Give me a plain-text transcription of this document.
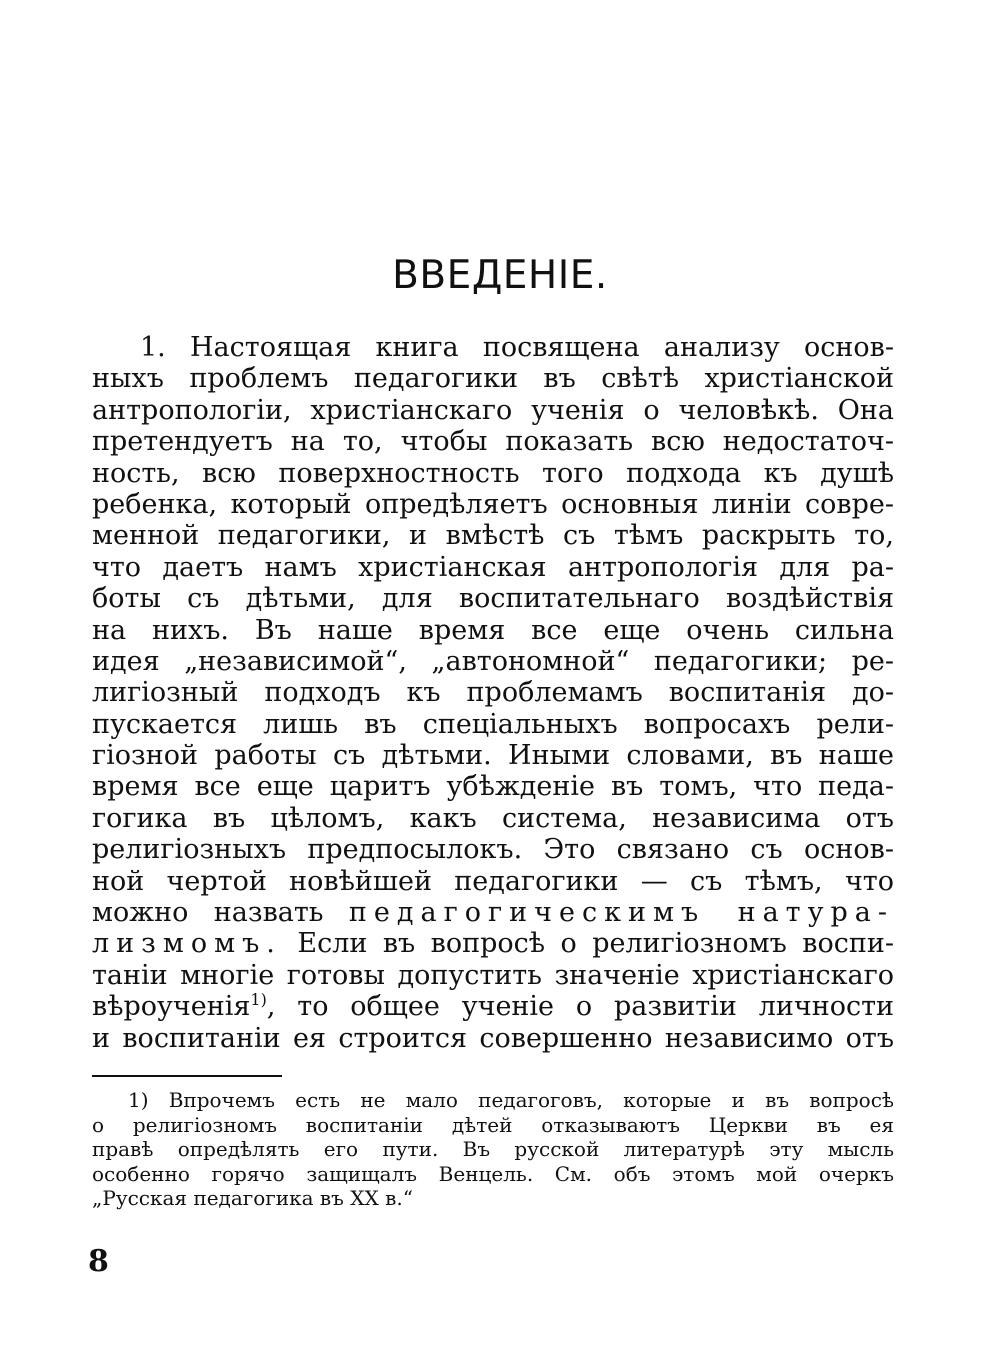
ВВЕДЕНІЕ.
1. Настоящая книга посвящена анализу основ-
ныхъ проблемъ педагогики въ свѣтѣ христіанской
антропологіи, христіанскаго ученія о человѣкѣ. Она
претендуетъ на то, чтобы показать всю недостаточ-
ность, всю поверхностность того подхода къ душѣ
ребенка, который опредѣляетъ основныя линіи совре-
менной педагогики, и вмѣстѣ съ тѣмъ раскрыть то,
что даетъ намъ христіанская антропологія для ра-
боты съ дѣтьми, для воспитательнаго воздѣйствія
на нихъ. Въ наше время все еще очень сильна
идея „независимой“, „автономной“ педагогики; ре-
лигіозный подходъ къ проблемамъ воспитанія до-
пускается лишь въ спеціальныхъ вопросахъ рели-
гіозной работы съ дѣтьми. Иными словами, въ наше
время все еще царитъ убѣжденіе въ томъ, что педа-
гогика въ цѣломъ, какъ система, независима отъ
религіозныхъ предпосылокъ. Это связано съ основ-
ной чертой новѣйшей педагогики — съ тѣмъ, что
можно назвать педагогическимъ натура-
лизмомъ. Если въ вопросѣ о религіозномъ воспи-
таніи многіе готовы допустить значеніе христіанскаго
вѣроученія$^{1)}$, то общее ученіе о развитіи личности
и воспитаніи ея строится совершенно независимо отъ
1) Впрочемъ есть не мало педагоговъ, которые и въ вопросѣ
о религіозномъ воспитаніи дѣтей отказываютъ Церкви въ ея
правѣ опредѣлять его пути. Въ русской литературѣ эту мысль
особенно горячо защищалъ Венцель. См. объ этомъ мой очеркъ
„Русская педагогика въ XX в.“
8
